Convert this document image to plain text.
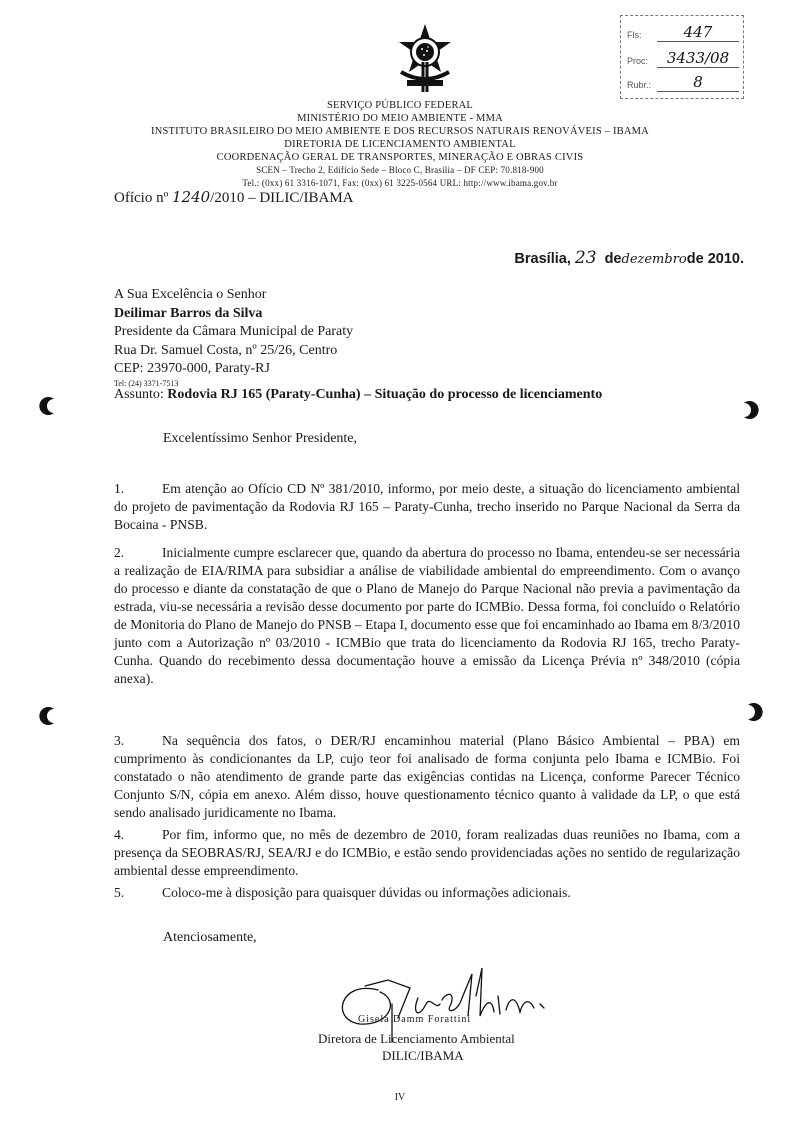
Fls:	447
Proc:	3433/08
Rubr.:	8
SERVIÇO PÚBLICO FEDERAL
MINISTÉRIO DO MEIO AMBIENTE - MMA
INSTITUTO BRASILEIRO DO MEIO AMBIENTE E DOS RECURSOS NATURAIS RENOVÁVEIS – IBAMA
DIRETORIA DE LICENCIAMENTO AMBIENTAL
COORDENAÇÃO GERAL DE TRANSPORTES, MINERAÇÃO E OBRAS CIVIS
SCEN – Trecho 2, Edifício Sede – Bloco C, Brasília – DF CEP: 70.818-900
Tel.: (0xx) 61 3316-1071, Fax: (0xx) 61 3225-0564 URL: http://www.ibama.gov.br
Ofício nº 1240/2010 – DILIC/IBAMA
Brasília, 23 dedezembrode 2010.
A Sua Excelência o Senhor
Deilimar Barros da Silva
Presidente da Câmara Municipal de Paraty
Rua Dr. Samuel Costa, nº 25/26, Centro
CEP: 23970-000, Paraty-RJ
Tel: (24) 3371-7513
Assunto: Rodovia RJ 165 (Paraty-Cunha) – Situação do processo de licenciamento
Excelentíssimo Senhor Presidente,
1.	Em atenção ao Ofício CD Nº 381/2010, informo, por meio deste, a situação do licenciamento ambiental do projeto de pavimentação da Rodovia RJ 165 – Paraty-Cunha, trecho inserido no Parque Nacional da Serra da Bocaina - PNSB.
2.	Inicialmente cumpre esclarecer que, quando da abertura do processo no Ibama, entendeu-se ser necessária a realização de EIA/RIMA para subsidiar a análise de viabilidade ambiental do empreendimento. Com o avanço do processo e diante da constatação de que o Plano de Manejo do Parque Nacional não previa a pavimentação da estrada, viu-se necessária a revisão desse documento por parte do ICMBio. Dessa forma, foi concluído o Relatório de Monitoria do Plano de Manejo do PNSB – Etapa I, documento esse que foi encaminhado ao Ibama em 8/3/2010 junto com a Autorização nº 03/2010 - ICMBio que trata do licenciamento da Rodovia RJ 165, trecho Paraty-Cunha. Quando do recebimento dessa documentação houve a emissão da Licença Prévia nº 348/2010 (cópia anexa).
3.	Na sequência dos fatos, o DER/RJ encaminhou material (Plano Básico Ambiental – PBA) em cumprimento às condicionantes da LP, cujo teor foi analisado de forma conjunta pelo Ibama e ICMBio. Foi constatado o não atendimento de grande parte das exigências contidas na Licença, conforme Parecer Técnico Conjunto S/N, cópia em anexo. Além disso, houve questionamento técnico quanto à validade da LP, o que está sendo analisado juridicamente no Ibama.
4.	Por fim, informo que, no mês de dezembro de 2010, foram realizadas duas reuniões no Ibama, com a presença da SEOBRAS/RJ, SEA/RJ e do ICMBio, e estão sendo providenciadas ações no sentido de regularização ambiental desse empreendimento.
5.	Coloco-me à disposição para quaisquer dúvidas ou informações adicionais.
Atenciosamente,
Gisela Damm Forattini
Diretora de Licenciamento Ambiental
DILIC/IBAMA
IV
